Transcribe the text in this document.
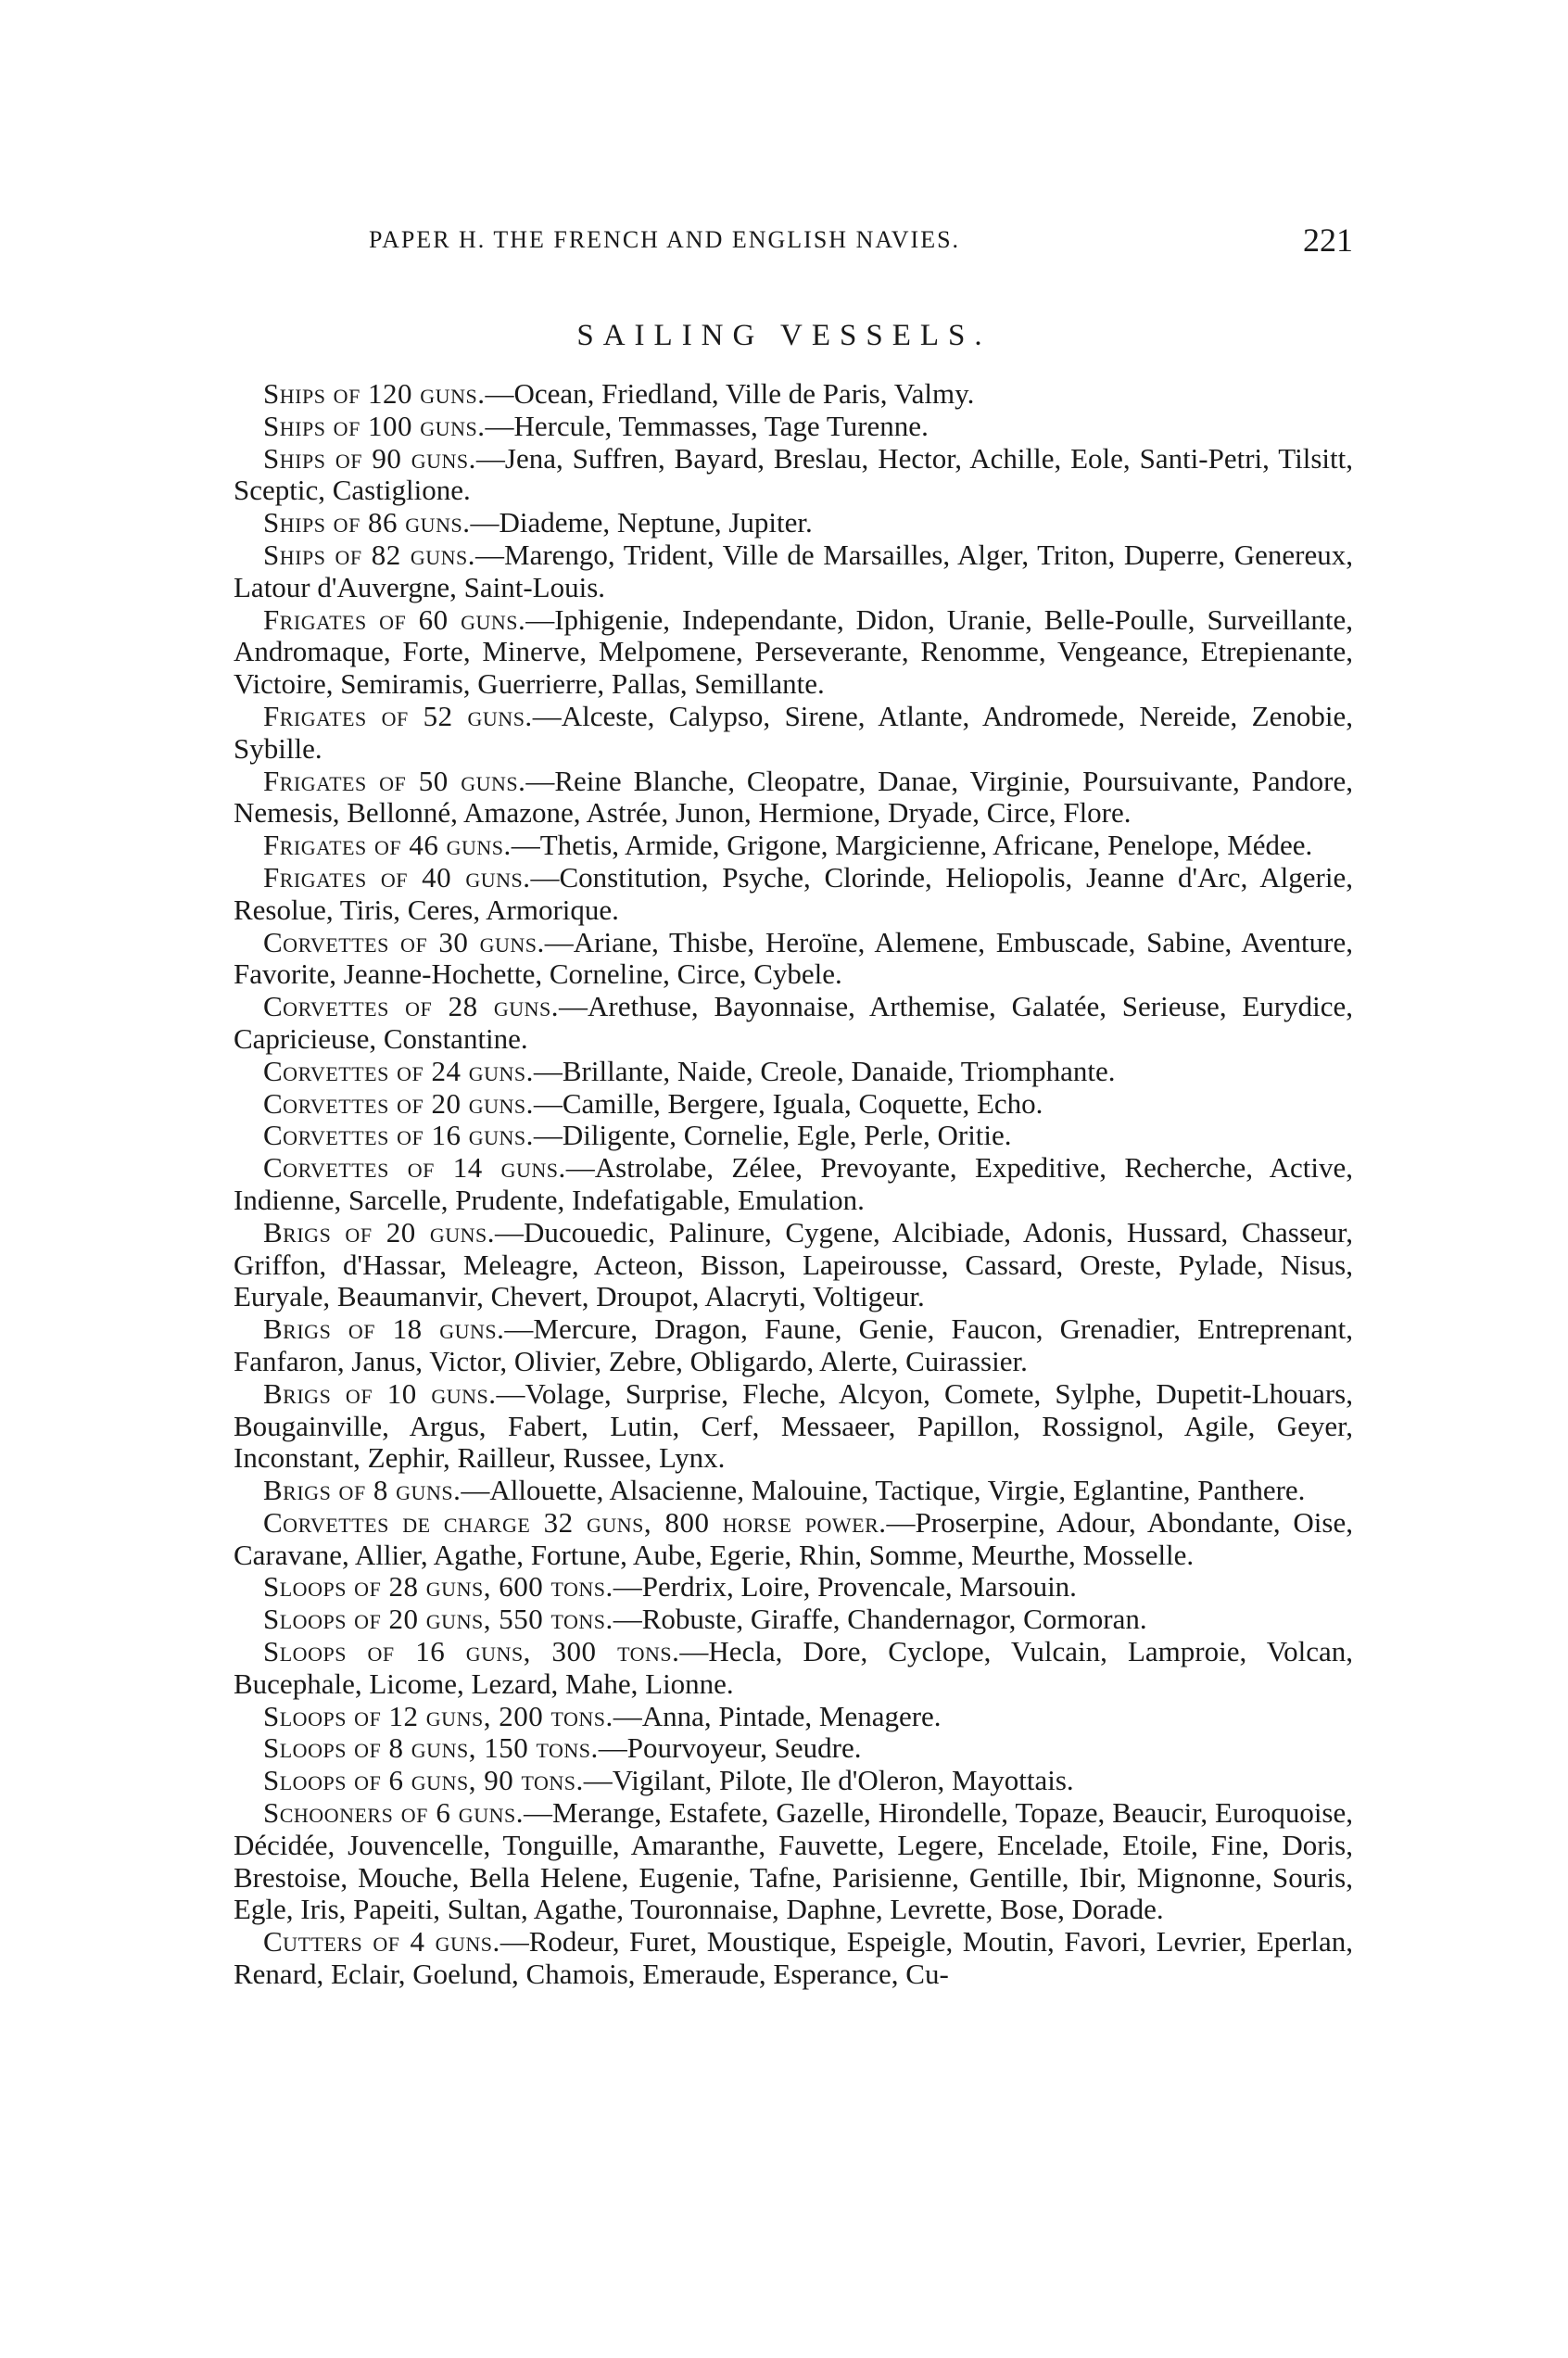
PAPER H. THE FRENCH AND ENGLISH NAVIES.	221
SAILING VESSELS.

Ships of 120 guns.—Ocean, Friedland, Ville de Paris, Valmy.

Ships of 100 guns.—Hercule, Temmasses, Tage Turenne.

Ships of 90 guns.—Jena, Suffren, Bayard, Breslau, Hector, Achille, Eole, Santi-Petri, Tilsitt, Sceptic, Castiglione.

Ships of 86 guns.—Diademe, Neptune, Jupiter.

Ships of 82 guns.—Marengo, Trident, Ville de Marsailles, Alger, Triton, Duperre, Genereux, Latour d'Auvergne, Saint-Louis.

Frigates of 60 guns.—Iphigenie, Independante, Didon, Uranie, Belle-Poulle, Surveillante, Andromaque, Forte, Minerve, Melpomene, Perseverante, Renomme, Vengeance, Etrepienante, Victoire, Semiramis, Guerrierre, Pallas, Semillante.

Frigates of 52 guns.—Alceste, Calypso, Sirene, Atlante, Andromede, Nereide, Zenobie, Sybille.

Frigates of 50 guns.—Reine Blanche, Cleopatre, Danae, Virginie, Poursuivante, Pandore, Nemesis, Bellonné, Amazone, Astrée, Junon, Hermione, Dryade, Circe, Flore.

Frigates of 46 guns.—Thetis, Armide, Grigone, Margicienne, Africane, Penelope, Médee.

Frigates of 40 guns.—Constitution, Psyche, Clorinde, Heliopolis, Jeanne d'Arc, Algerie, Resolue, Tiris, Ceres, Armorique.

Corvettes of 30 guns.—Ariane, Thisbe, Heroïne, Alemene, Embuscade, Sabine, Aventure, Favorite, Jeanne-Hochette, Corneline, Circe, Cybele.

Corvettes of 28 guns.—Arethuse, Bayonnaise, Arthemise, Galatée, Serieuse, Eurydice, Capricieuse, Constantine.

Corvettes of 24 guns.—Brillante, Naide, Creole, Danaide, Triomphante.

Corvettes of 20 guns.—Camille, Bergere, Iguala, Coquette, Echo.

Corvettes of 16 guns.—Diligente, Cornelie, Egle, Perle, Oritie.

Corvettes of 14 guns.—Astrolabe, Zélee, Prevoyante, Expeditive, Recherche, Active, Indienne, Sarcelle, Prudente, Indefatigable, Emulation.

Brigs of 20 guns.—Ducouedic, Palinure, Cygene, Alcibiade, Adonis, Hussard, Chasseur, Griffon, d'Hassar, Meleagre, Acteon, Bisson, Lapeirousse, Cassard, Oreste, Pylade, Nisus, Euryale, Beaumanvir, Chevert, Droupot, Alacryti, Voltigeur.

Brigs of 18 guns.—Mercure, Dragon, Faune, Genie, Faucon, Grenadier, Entreprenant, Fanfaron, Janus, Victor, Olivier, Zebre, Obligardo, Alerte, Cuirassier.

Brigs of 10 guns.—Volage, Surprise, Fleche, Alcyon, Comete, Sylphe, Dupetit-Lhouars, Bougainville, Argus, Fabert, Lutin, Cerf, Messaeer, Papillon, Rossignol, Agile, Geyer, Inconstant, Zephir, Railleur, Russee, Lynx.

Brigs of 8 guns.—Allouette, Alsacienne, Malouine, Tactique, Virgie, Eglantine, Panthere.

Corvettes de charge 32 guns, 800 horse power.—Proserpine, Adour, Abondante, Oise, Caravane, Allier, Agathe, Fortune, Aube, Egerie, Rhin, Somme, Meurthe, Mosselle.

Sloops of 28 guns, 600 tons.—Perdrix, Loire, Provencale, Marsouin.

Sloops of 20 guns, 550 tons.—Robuste, Giraffe, Chandernagor, Cormoran.

Sloops of 16 guns, 300 tons.—Hecla, Dore, Cyclope, Vulcain, Lamproie, Volcan, Bucephale, Licome, Lezard, Mahe, Lionne.

Sloops of 12 guns, 200 tons.—Anna, Pintade, Menagere.

Sloops of 8 guns, 150 tons.—Pourvoyeur, Seudre.

Sloops of 6 guns, 90 tons.—Vigilant, Pilote, Ile d'Oleron, Mayottais.

Schooners of 6 guns.—Merange, Estafete, Gazelle, Hirondelle, Topaze, Beaucir, Euroquoise, Décidée, Jouvencelle, Tonguille, Amaranthe, Fauvette, Legere, Encelade, Etoile, Fine, Doris, Brestoise, Mouche, Bella Helene, Eugenie, Tafne, Parisienne, Gentille, Ibir, Mignonne, Souris, Egle, Iris, Papeiti, Sultan, Agathe, Touronnaise, Daphne, Levrette, Bose, Dorade.

Cutters of 4 guns.—Rodeur, Furet, Moustique, Espeigle, Moutin, Favori, Levrier, Eperlan, Renard, Eclair, Goelund, Chamois, Emeraude, Esperance, Cu-
